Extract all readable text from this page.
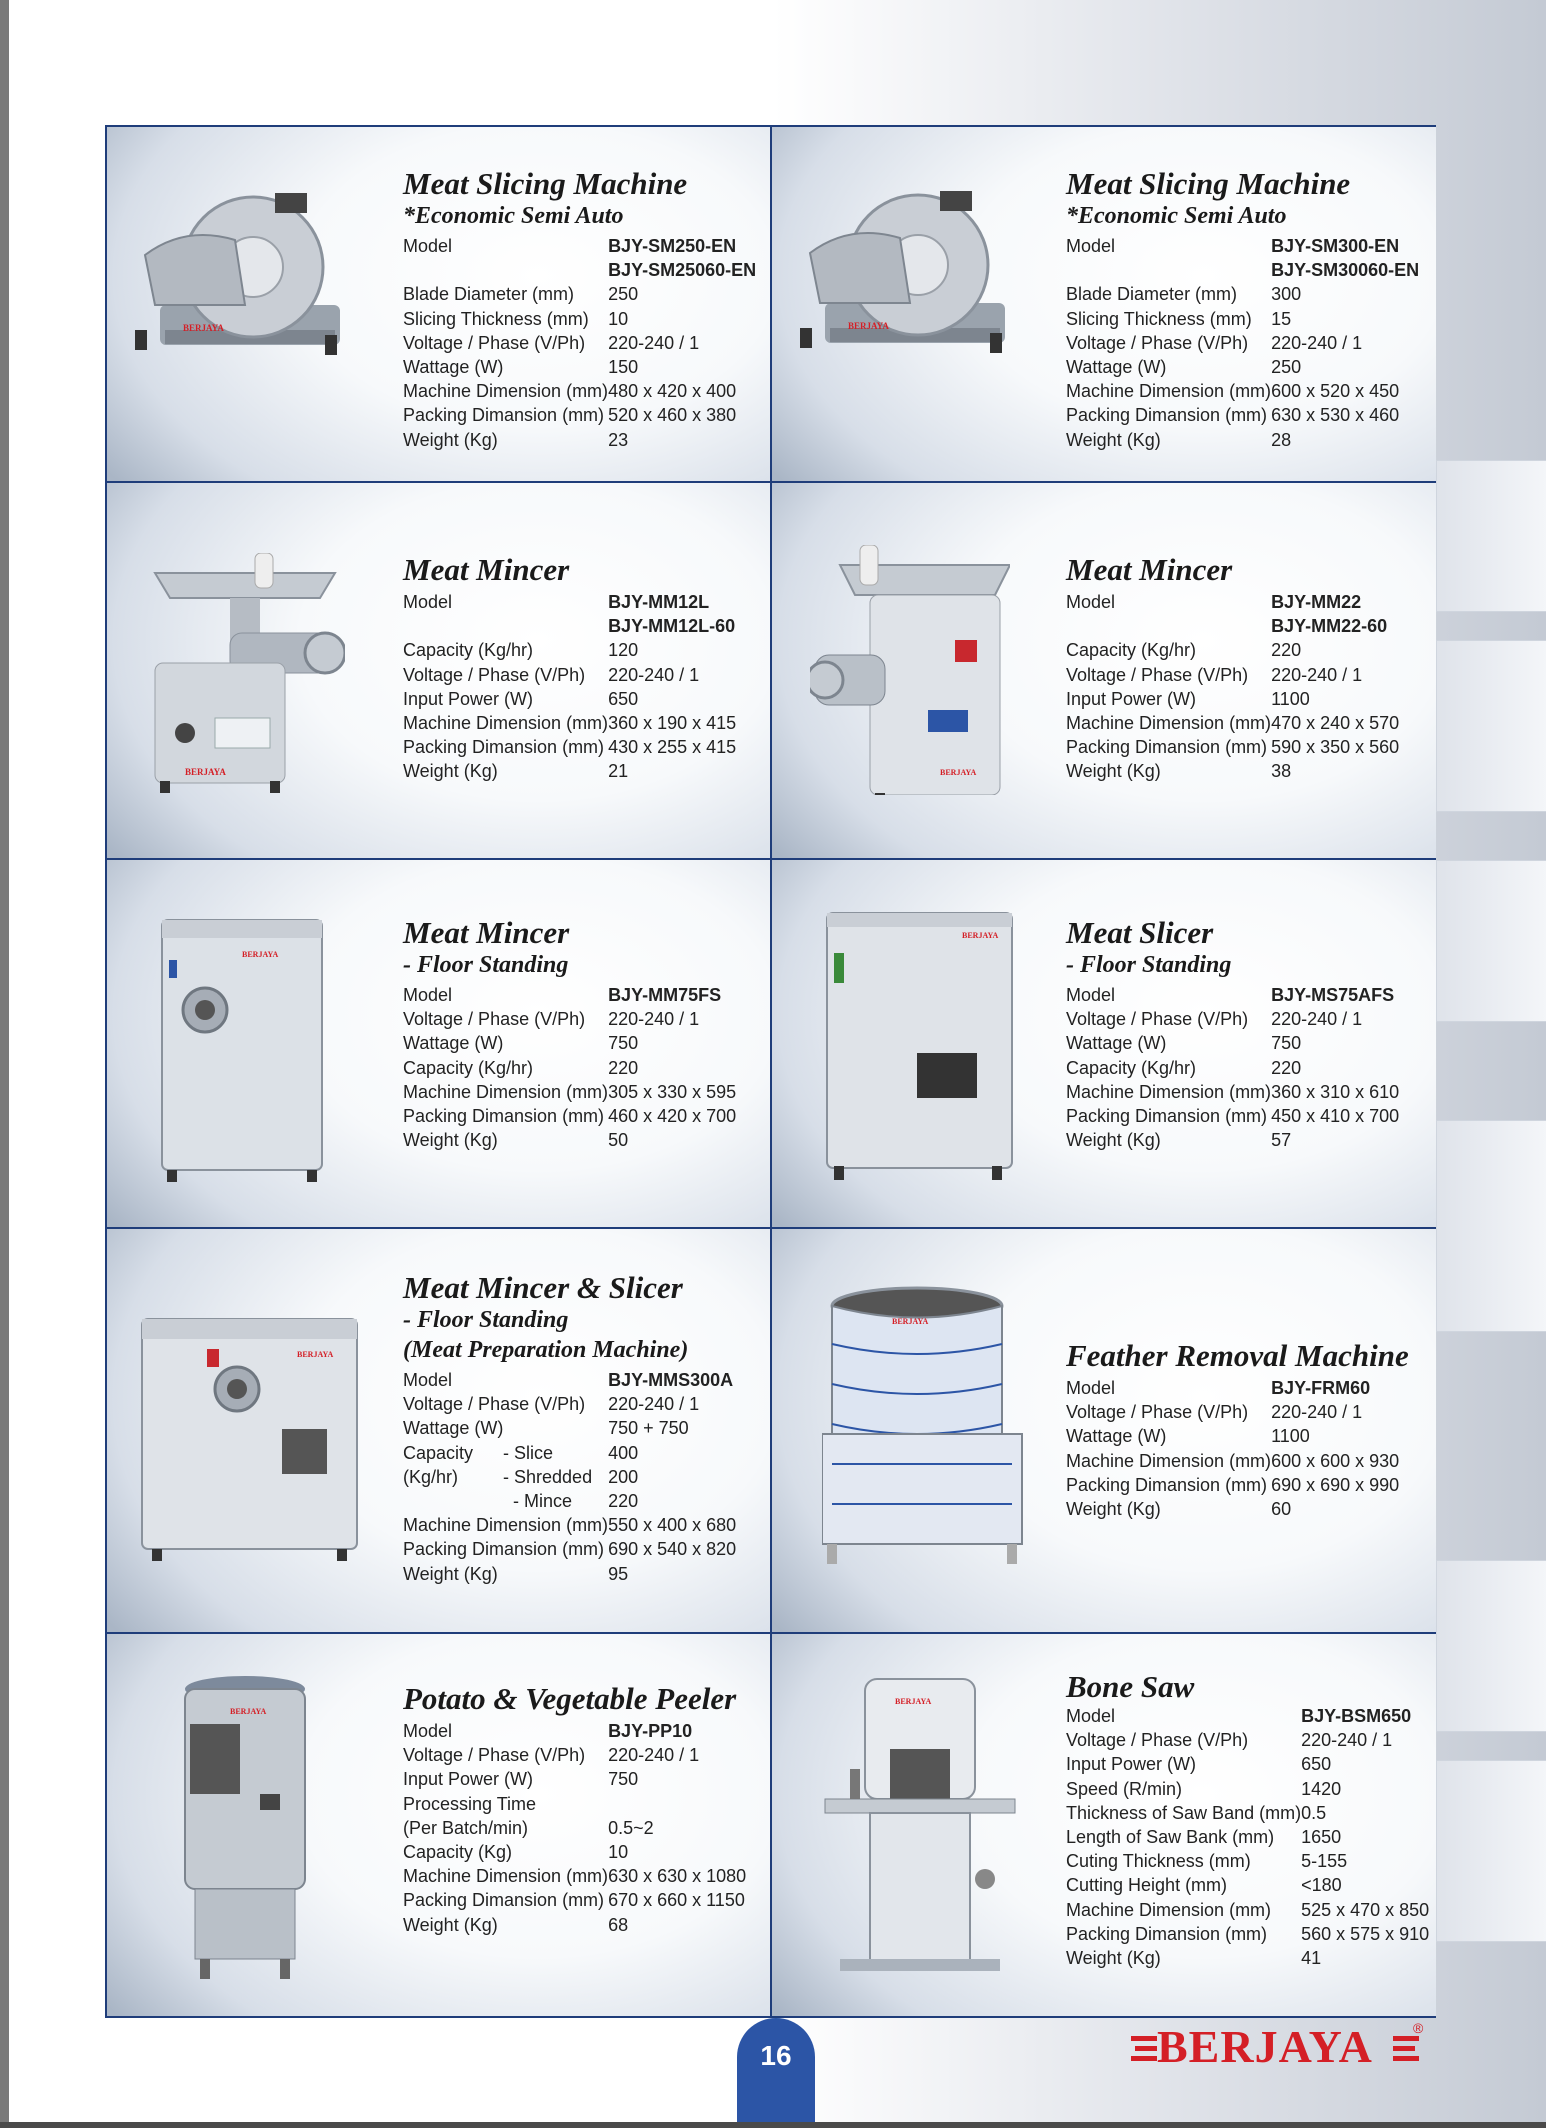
BERJAYA
Meat Slicing Machine
*Economic Semi Auto
Model	BJY-SM250-EN
	BJY-SM25060-EN
Blade Diameter (mm)	250
Slicing Thickness (mm)	10
Voltage / Phase (V/Ph)	220-240 / 1
Wattage (W)	150
Machine Dimension (mm)	480 x 420 x 400
Packing Dimansion (mm)	520 x 460 x 380
Weight (Kg)	23
BERJAYA
Meat Slicing Machine
*Economic Semi Auto
Model	BJY-SM300-EN
	BJY-SM30060-EN
Blade Diameter (mm)	300
Slicing Thickness (mm)	15
Voltage / Phase (V/Ph)	220-240 / 1
Wattage (W)	250
Machine Dimension (mm)	600 x 520 x 450
Packing Dimansion (mm)	630 x 530 x 460
Weight (Kg)	28
BERJAYA
Meat Mincer
Model	BJY-MM12L
	BJY-MM12L-60
Capacity (Kg/hr)	120
Voltage / Phase (V/Ph)	220-240 / 1
Input Power (W)	650
Machine Dimension (mm)	360 x 190 x 415
Packing Dimansion (mm)	430 x 255 x 415
Weight (Kg)	21	BERJAYA
Meat Mincer
Model	BJY-MM22
	BJY-MM22-60
Capacity (Kg/hr)	220
Voltage / Phase (V/Ph)	220-240 / 1
Input Power (W)	1100
Machine Dimension (mm)	470 x 240 x 570
Packing Dimansion (mm)	590 x 350 x 560
Weight (Kg)	38
BERJAYA
Meat Mincer
- Floor Standing
Model	BJY-MM75FS
Voltage / Phase (V/Ph)	220-240 / 1
Wattage (W)	750
Capacity (Kg/hr)	220
Machine Dimension (mm)	305 x 330 x 595
Packing Dimansion (mm)	460 x 420 x 700
Weight (Kg)	50
BERJAYA Meat Slicer
- Floor Standing
Model	BJY-MS75AFS
Voltage / Phase (V/Ph)	220-240 / 1
Wattage (W)	750
Capacity (Kg/hr)	220
Machine Dimension (mm)	360 x 310 x 610
Packing Dimansion (mm)	450 x 410 x 700
Weight (Kg)	57
BERJAYA
Meat Mincer & Slicer
- Floor Standing
(Meat Preparation Machine)
Model	BJY-MMS300A
Voltage / Phase (V/Ph)	220-240 / 1
Wattage (W)	750 + 750
Capacity      - Slice	400
(Kg/hr)         - Shredded	200
- Mince	220
Machine Dimension (mm)	550 x 400 x 680
Packing Dimansion (mm)	690 x 540 x 820
Weight (Kg)	95
BERJAYA
Feather Removal Machine
Model	BJY-FRM60
Voltage / Phase (V/Ph)	220-240 / 1
Wattage (W)	1100
Machine Dimension (mm)	600 x 600 x 930
Packing Dimansion (mm)	690 x 690 x 990
Weight (Kg)	60
BERJAYA	Potato & Vegetable Peeler
Model	BJY-PP10
Voltage / Phase (V/Ph)	220-240 / 1
Input Power (W)	750
Processing Time	
(Per Batch/min)	0.5~2
Capacity (Kg)	10
Machine Dimension (mm)	630 x 630 x 1080
Packing Dimansion (mm)	670 x 660 x 1150
Weight (Kg)	68
BERJAYA	Bone Saw
Model	BJY-BSM650
Voltage / Phase (V/Ph)	220-240 / 1
Input Power (W)	650
Speed (R/min)	1420
Thickness of Saw Band (mm)	0.5
Length of Saw Bank (mm)	1650
Cuting Thickness (mm)	5-155
Cutting Height (mm)	<180
Machine Dimension (mm)	525 x 470 x 850
Packing Dimansion (mm)	560 x 575 x 910
Weight (Kg)	41
16	BERJAYA	®
